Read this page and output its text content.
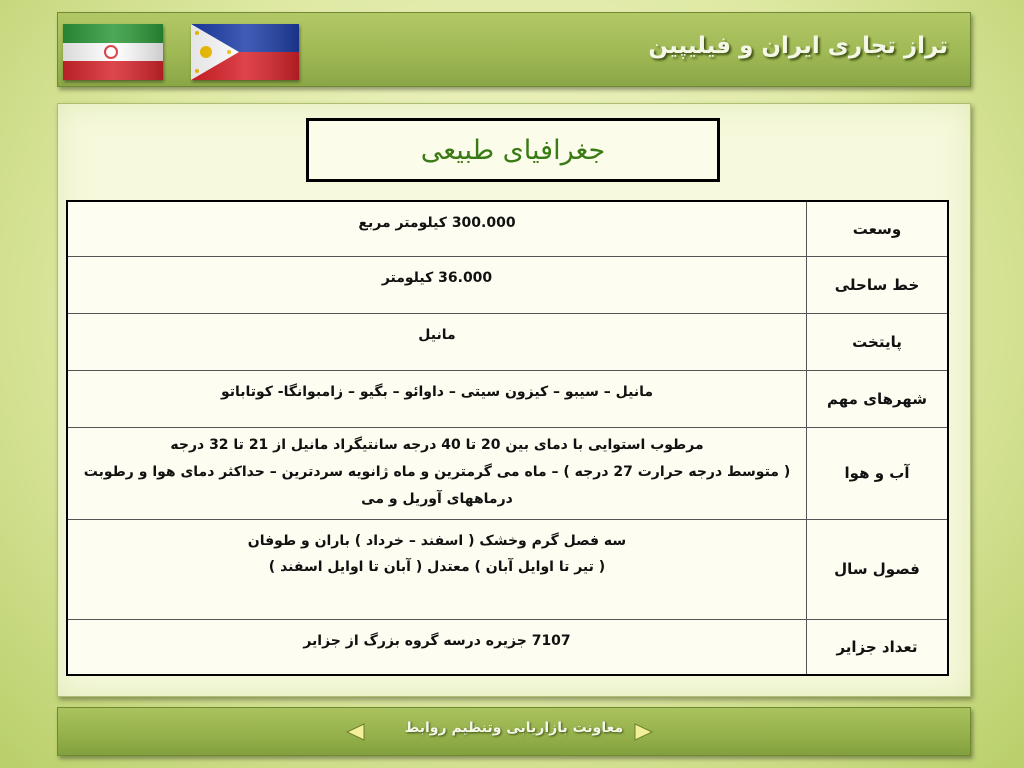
تراز تجاری ایران و فیلیپین
جغرافیای طبیعی
وسعت	300.000 کیلومتر مربع

خط ساحلی	36.000 کیلومتر

پایتخت	مانیل

شهرهای مهم	مانیل – سیبو – کیزون سیتی – داوائو – بگیو – زامبوانگا- کوتاباتو

آب و هوا	مرطوب استوایی با دمای بین 20 تا 40 درجه سانتیگراد مانیل از 21 تا 32 درجه
( متوسط درجه حرارت 27 درجه ) – ماه می گرمترین و ماه ژانویه سردترین – حداکثر دمای هوا و رطوبت
درماههای آوریل و می

فصول سال	سه فصل گرم وخشک ( اسفند – خرداد ) باران و طوفان
( تیر تا اوایل آبان ) معتدل ( آبان تا اوایل اسفند )

تعداد جزایر	7107 جزیره درسه گروه بزرگ از جزایر
معاونت بازاریابی وتنظیم روابط
